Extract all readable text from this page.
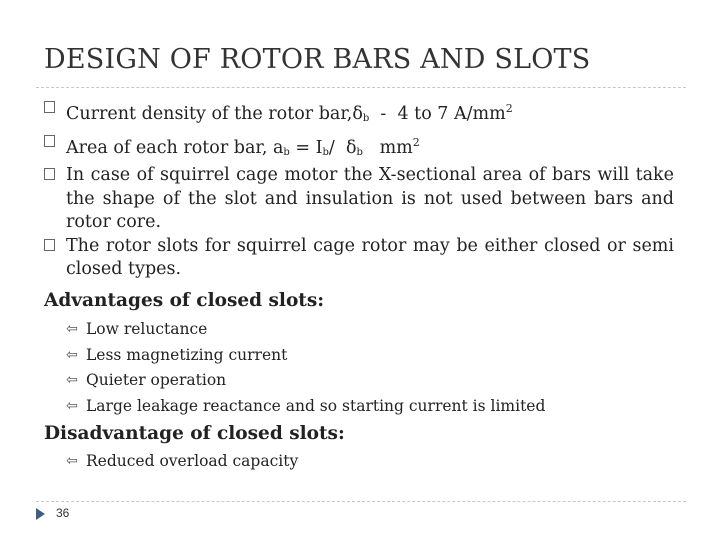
DESIGN OF ROTOR BARS AND SLOTS
Current density of the rotor $bar,\delta_b - 4$ to 7 $A/mm^2$
Area of each rotor bar, $a_b = I_b/$  $\delta_b$   $mm^2$
In case of squirrel cage motor the X-sectional area of bars will take the shape of the slot and insulation is not used between bars and rotor core.
The rotor slots for squirrel cage rotor may be either closed or semi closed types.
Advantages of closed slots:
⇦ Low reluctance
⇦ Less magnetizing current
⇦ Quieter operation
⇦ Large leakage reactance and so starting current is limited
Disadvantage of closed slots:
⇦ Reduced overload capacity
36
